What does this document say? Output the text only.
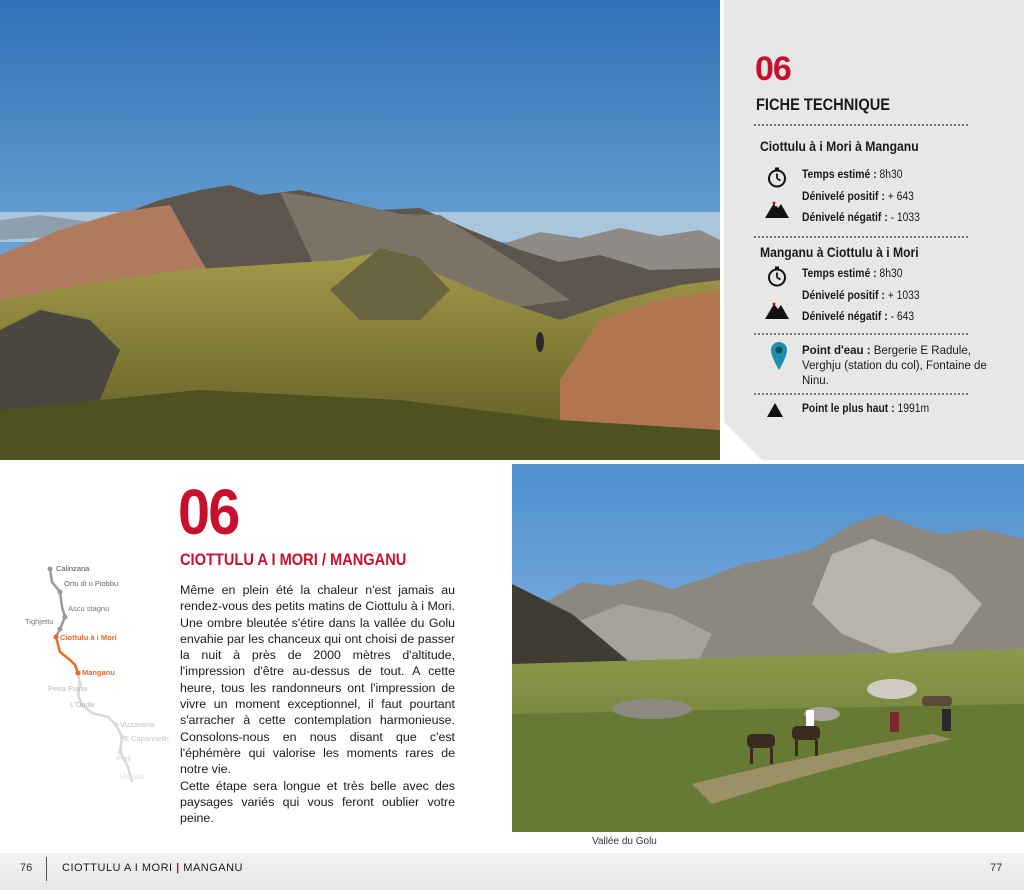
06
FICHE TECHNIQUE
Ciottulu à i Mori à Manganu
Temps estimé : 8h30
Dénivelé positif : + 643
Dénivelé négatif : - 1033
Manganu à Ciottulu à i Mori
Temps estimé : 8h30
Dénivelé positif : + 1033
Dénivelé négatif : - 643
Point d'eau : Bergerie E Radule, Verghju (station du col), Fontaine de Ninu.
Point le plus haut : 1991m
06
CIOTTULU A I MORI / MANGANU

Même en plein été la chaleur n'est jamais au rendez-vous des petits matins de Ciottulu à i Mori. Une ombre bleutée s'étire dans la vallée du Golu envahie par les chanceux qui ont choisi de passer la nuit à près de 2000 mètres d'altitude, l'impression d'être au-dessus de tout. A cette heure, tous les randonneurs ont l'impression de vivre un moment exceptionnel, il faut pourtant s'arracher à cette contemplation harmonieuse. Consolons-nous en nous disant que c'est l'éphémère qui valorise les moments rares de notre vie.

Cette étape sera longue et très belle avec des paysages variés qui vous feront oublier votre peine.

Calinzana
Ortu di u Piobbu
Ascu stagnu
Tighjettu
Ciottulu à i Mori
Manganu
Petra Piana
L'Onda
Vizzavona
E Capannelle
Prati
Usciolu
Vallée du Golu
76	CIOTTULU A I MORI | MANGANU	77
